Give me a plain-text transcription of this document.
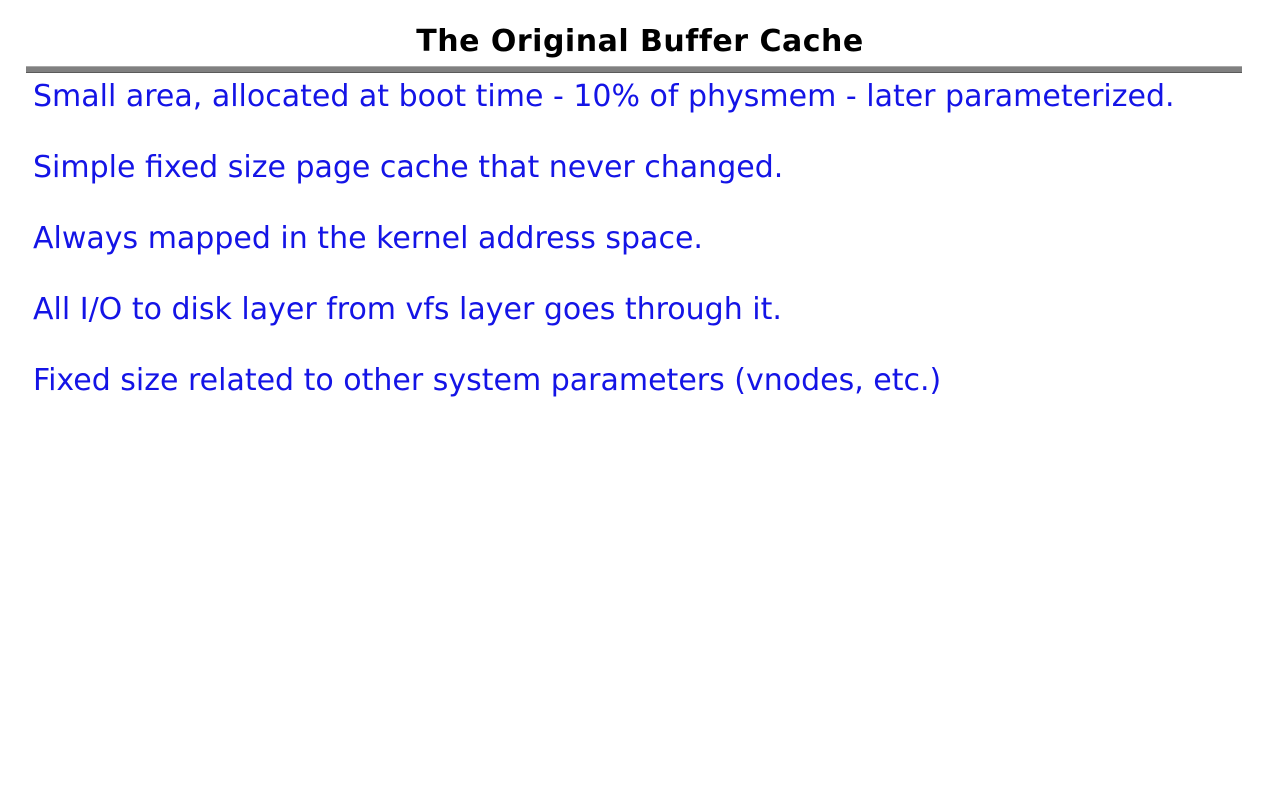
The Original Buffer Cache

Small area, allocated at boot time - 10% of physmem - later parameterized.

Simple fixed size page cache that never changed.

Always mapped in the kernel address space.

All I/O to disk layer from vfs layer goes through it.

Fixed size related to other system parameters (vnodes, etc.)
